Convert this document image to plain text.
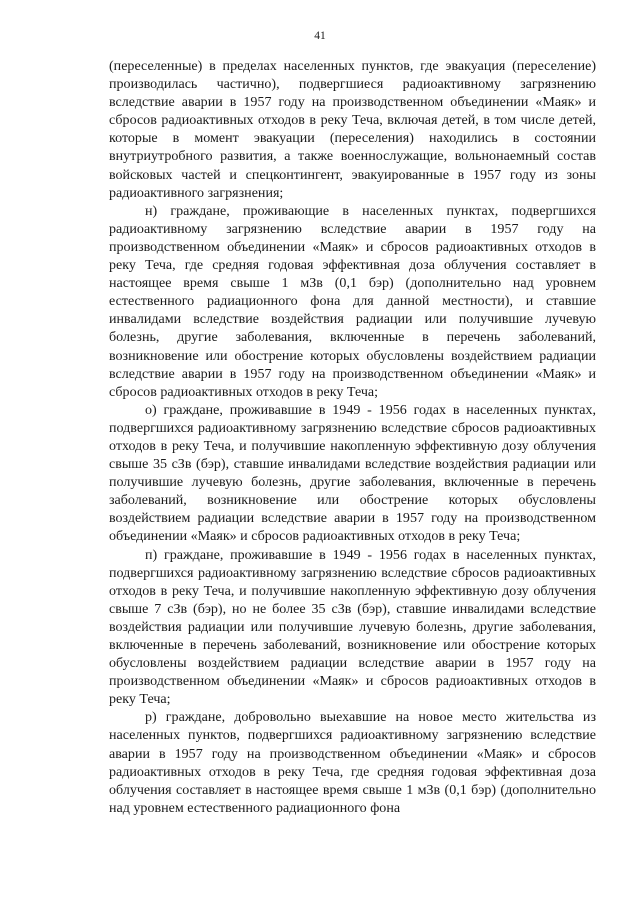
41

(переселенные) в пределах населенных пунктов, где эвакуация (переселение) производилась частично), подвергшиеся радиоактивному загрязнению вследствие аварии в 1957 году на производственном объединении «Маяк» и сбросов радиоактивных отходов в реку Теча, включая детей, в том числе детей, которые в момент эвакуации (переселения) находились в состоянии внутриутробного развития, а также военнослужащие, вольнонаемный состав войсковых частей и спецконтингент, эвакуированные в 1957 году из зоны радиоактивного загрязнения;

н) граждане, проживающие в населенных пунктах, подвергшихся радиоактивному загрязнению вследствие аварии в 1957 году на производственном объединении «Маяк» и сбросов радиоактивных отходов в реку Теча, где средняя годовая эффективная доза облучения составляет в настоящее время свыше 1 мЗв (0,1 бэр) (дополнительно над уровнем естественного радиационного фона для данной местности), и ставшие инвалидами вследствие воздействия радиации или получившие лучевую болезнь, другие заболевания, включенные в перечень заболеваний, возникновение или обострение которых обусловлены воздействием радиации вследствие аварии в 1957 году на производственном объединении «Маяк» и сбросов радиоактивных отходов в реку Теча;

о) граждане, проживавшие в 1949 - 1956 годах в населенных пунктах, подвергшихся радиоактивному загрязнению вследствие сбросов радиоактивных отходов в реку Теча, и получившие накопленную эффективную дозу облучения свыше 35 сЗв (бэр), ставшие инвалидами вследствие воздействия радиации или получившие лучевую болезнь, другие заболевания, включенные в перечень заболеваний, возникновение или обострение которых обусловлены воздействием радиации вследствие аварии в 1957 году на производственном объединении «Маяк» и сбросов радиоактивных отходов в реку Теча;

п) граждане, проживавшие в 1949 - 1956 годах в населенных пунктах, подвергшихся радиоактивному загрязнению вследствие сбросов радиоактивных отходов в реку Теча, и получившие накопленную эффективную дозу облучения свыше 7 сЗв (бэр), но не более 35 сЗв (бэр), ставшие инвалидами вследствие воздействия радиации или получившие лучевую болезнь, другие заболевания, включенные в перечень заболеваний, возникновение или обострение которых обусловлены воздействием радиации вследствие аварии в 1957 году на производственном объединении «Маяк» и сбросов радиоактивных отходов в реку Теча;

р) граждане, добровольно выехавшие на новое место жительства из населенных пунктов, подвергшихся радиоактивному загрязнению вследствие аварии в 1957 году на производственном объединении «Маяк» и сбросов радиоактивных отходов в реку Теча, где средняя годовая эффективная доза облучения составляет в настоящее время свыше 1 мЗв (0,1 бэр) (дополнительно над уровнем естественного радиационного фона
